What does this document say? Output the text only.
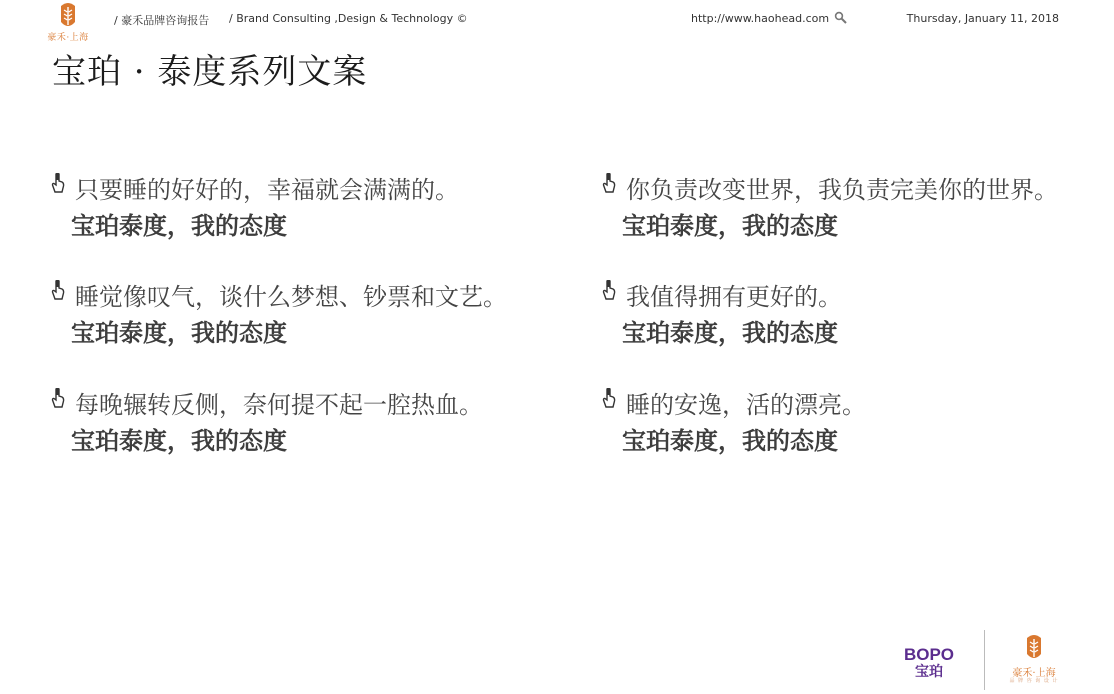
豪禾·上海
/ 豪禾品牌咨询报告 / Brand Consulting ,Design & Technology ©	http://www.haohead.com	Thursday, January 11, 2018
宝珀 · 泰度系列文案
只要睡的好好的，幸福就会满满的。
宝珀泰度，我的态度
你负责改变世界，我负责完美你的世界。
宝珀泰度，我的态度
睡觉像叹气，谈什么梦想、钞票和文艺。
宝珀泰度，我的态度
我值得拥有更好的。
宝珀泰度，我的态度
每晚辗转反侧，奈何提不起一腔热血。
宝珀泰度，我的态度
睡的安逸，活的漂亮。
宝珀泰度，我的态度
BOPO
宝珀	豪禾·上海
品 牌 咨 询 设 计
